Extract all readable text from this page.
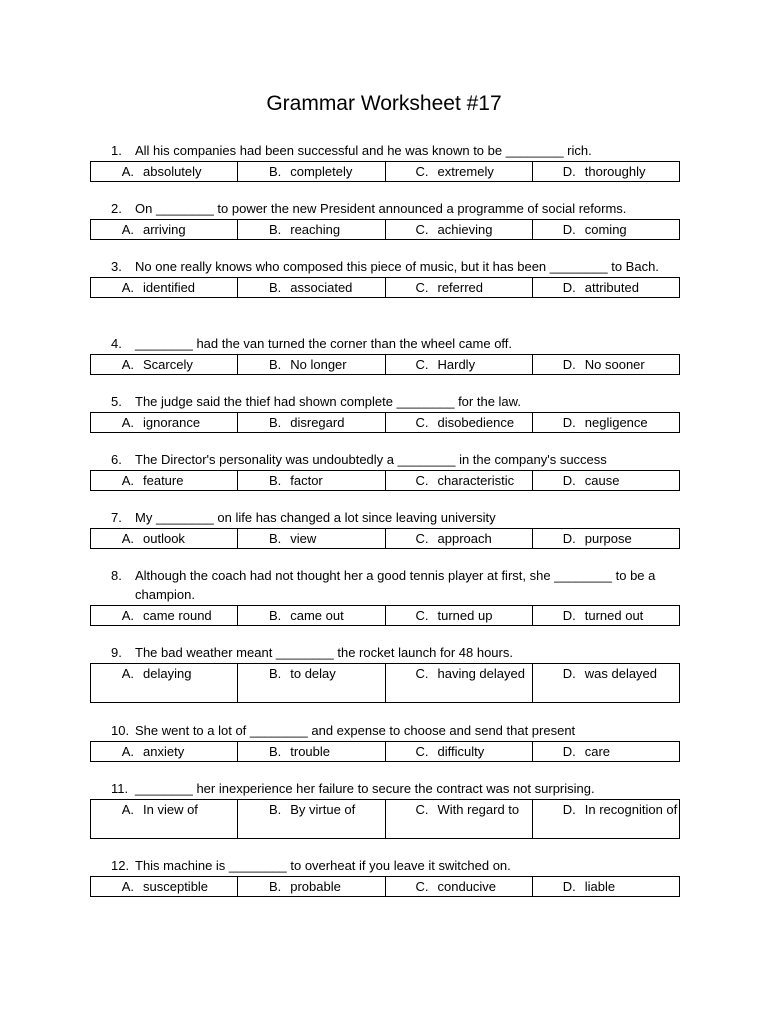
Grammar Worksheet #17
1.	All his companies had been successful and he was known to be ________ rich.
A. absolutely	B. completely	C. extremely	D. thoroughly
2.	On ________ to power the new President announced a programme of social reforms.
A. arriving	B. reaching	C. achieving	D. coming
3.	No one really knows who composed this piece of music, but it has been ________ to Bach.
A. identified	B. associated	C. referred	D. attributed
4.	________ had the van turned the corner than the wheel came off.
A. Scarcely	B. No longer	C. Hardly	D. No sooner
5.	The judge said the thief had shown complete ________ for the law.
A. ignorance	B. disregard	C. disobedience	D. negligence
6.	The Director's personality was undoubtedly a ________ in the company's success
A. feature	B. factor	C. characteristic	D. cause
7.	My ________ on life has changed a lot since leaving university
A. outlook	B. view	C. approach	D. purpose
8.	Although the coach had not thought her a good tennis player at first, she ________ to be a champion.
A. came round	B. came out	C. turned up	D. turned out
9.	The bad weather meant ________ the rocket launch for 48 hours.
A. delaying	B. to delay	C. having delayed	D. was delayed
10. She went to a lot of ________ and expense to choose and send that present
A. anxiety	B. trouble	C. difficulty	D. care
11. ________ her inexperience her failure to secure the contract was not surprising.
A. In view of	B. By virtue of	C. With regard to	D. In recognition of
12. This machine is ________ to overheat if you leave it switched on.
A. susceptible	B. probable	C. conducive	D. liable
